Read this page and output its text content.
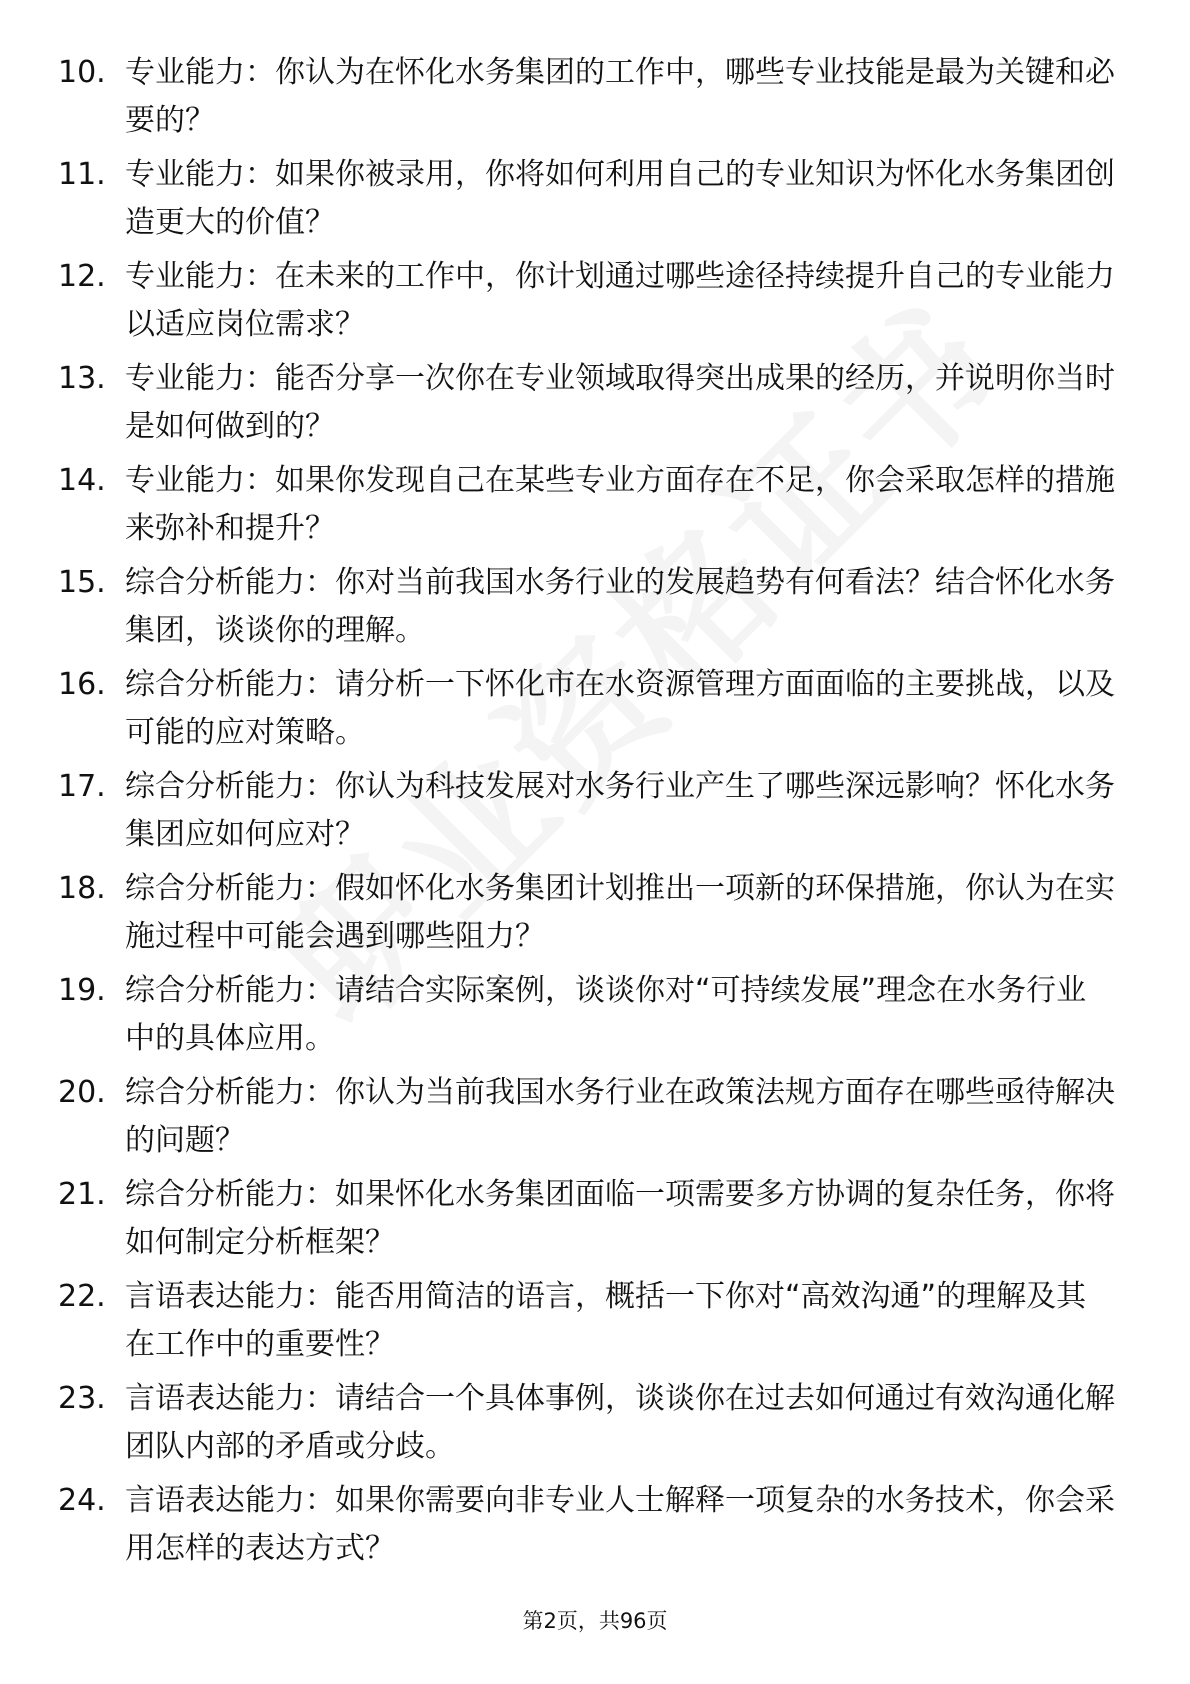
10. 专业能力：你认为在怀化水务集团的工作中，哪些专业技能是最为关键和必要的？
11. 专业能力：如果你被录用，你将如何利用自己的专业知识为怀化水务集团创造更大的价值？
12. 专业能力：在未来的工作中，你计划通过哪些途径持续提升自己的专业能力以适应岗位需求？
13. 专业能力：能否分享一次你在专业领域取得突出成果的经历，并说明你当时是如何做到的？
14. 专业能力：如果你发现自己在某些专业方面存在不足，你会采取怎样的措施来弥补和提升？
15. 综合分析能力：你对当前我国水务行业的发展趋势有何看法？结合怀化水务集团，谈谈你的理解。
16. 综合分析能力：请分析一下怀化市在水资源管理方面面临的主要挑战，以及可能的应对策略。
17. 综合分析能力：你认为科技发展对水务行业产生了哪些深远影响？怀化水务集团应如何应对？
18. 综合分析能力：假如怀化水务集团计划推出一项新的环保措施，你认为在实施过程中可能会遇到哪些阻力？
19. 综合分析能力：请结合实际案例，谈谈你对“可持续发展”理念在水务行业中的具体应用。
20. 综合分析能力：你认为当前我国水务行业在政策法规方面存在哪些亟待解决的问题？
21. 综合分析能力：如果怀化水务集团面临一项需要多方协调的复杂任务，你将如何制定分析框架？
22. 言语表达能力：能否用简洁的语言，概括一下你对“高效沟通”的理解及其在工作中的重要性？
23. 言语表达能力：请结合一个具体事例，谈谈你在过去如何通过有效沟通化解团队内部的矛盾或分歧。
24. 言语表达能力：如果你需要向非专业人士解释一项复杂的水务技术，你会采用怎样的表达方式？
第2页，共96页
